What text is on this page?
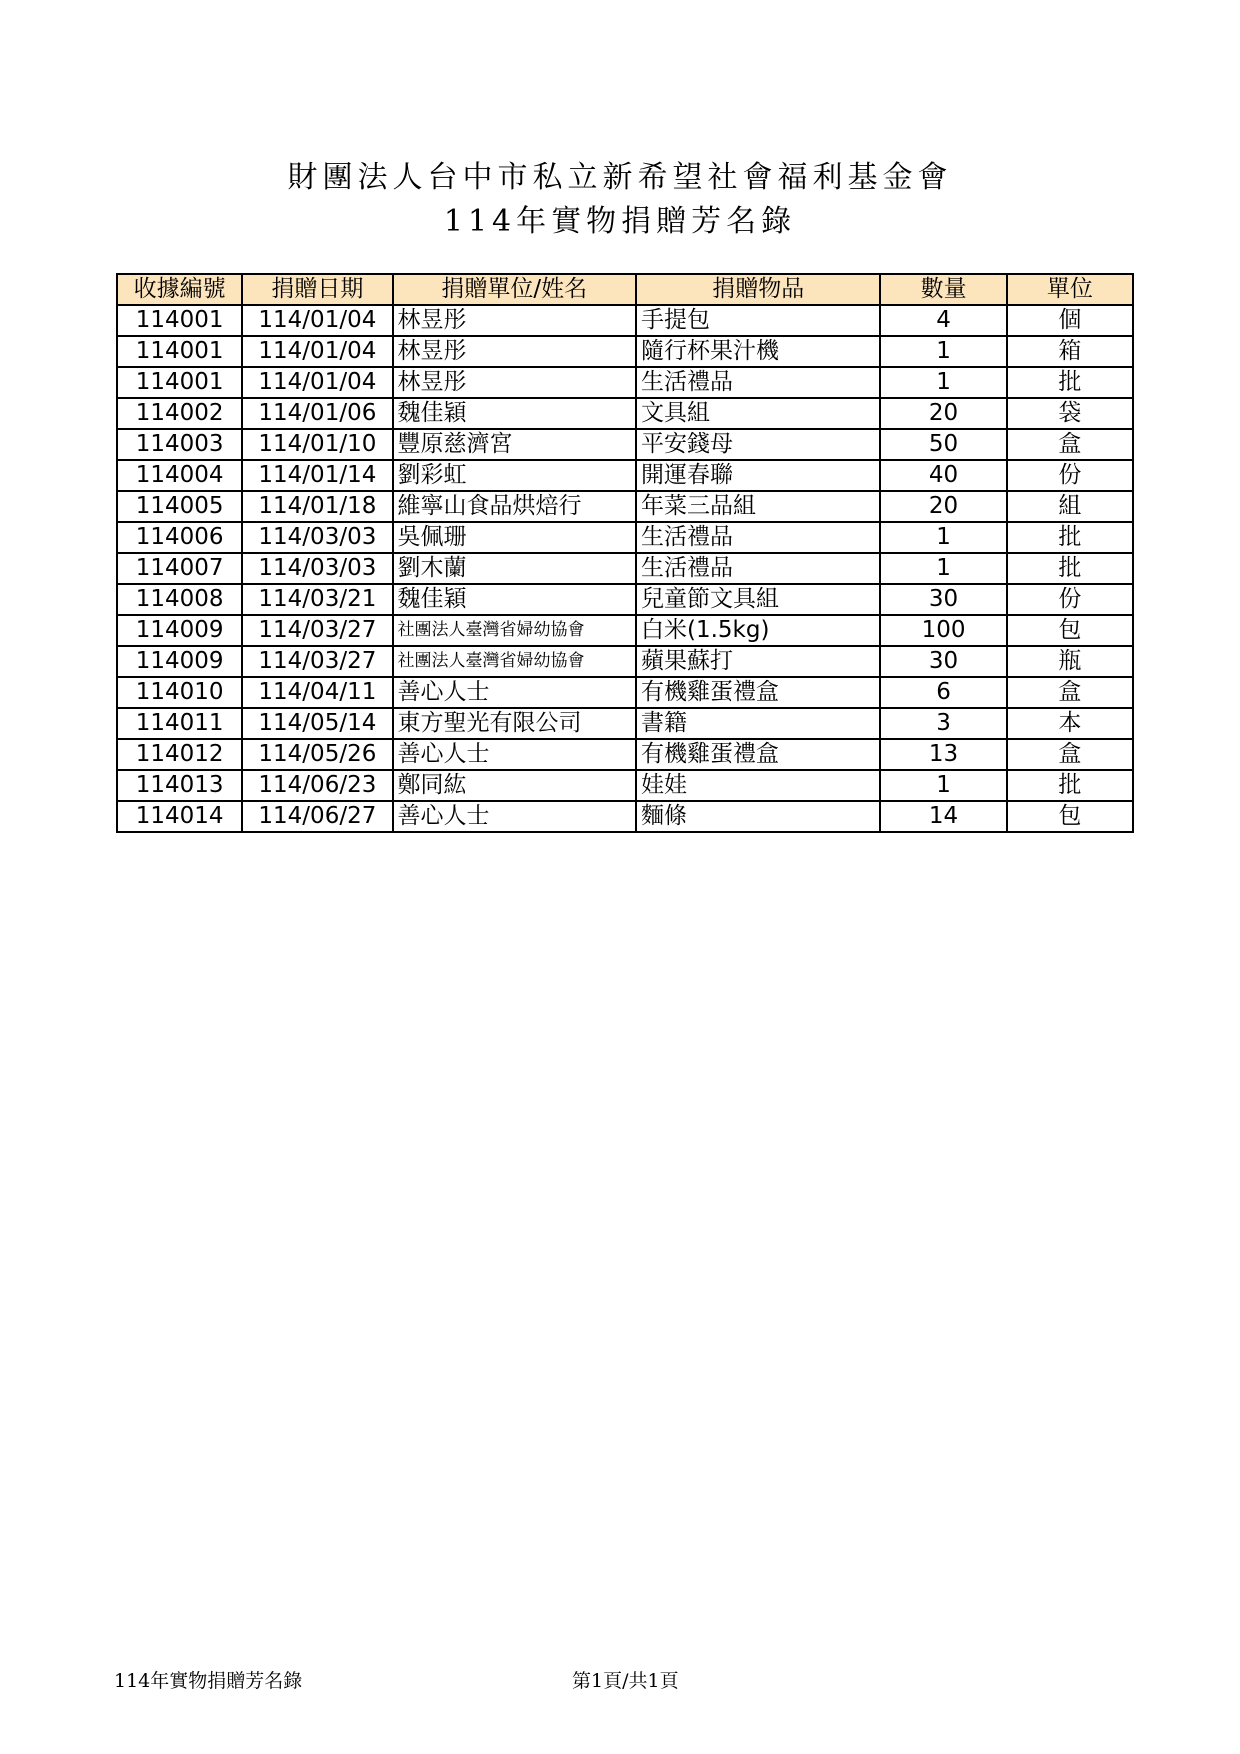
財團法人台中市私立新希望社會福利基金會
114年實物捐贈芳名錄
收據編號	捐贈日期	捐贈單位/姓名	捐贈物品	數量	單位
114001	114/01/04	林昱彤	手提包	4	個
114001	114/01/04	林昱彤	隨行杯果汁機	1	箱
114001	114/01/04	林昱彤	生活禮品	1	批
114002	114/01/06	魏佳穎	文具組	20	袋
114003	114/01/10	豐原慈濟宮	平安錢母	50	盒
114004	114/01/14	劉彩虹	開運春聯	40	份
114005	114/01/18	維寧山食品烘焙行	年菜三品組	20	組
114006	114/03/03	吳佩珊	生活禮品	1	批
114007	114/03/03	劉木蘭	生活禮品	1	批
114008	114/03/21	魏佳穎	兒童節文具組	30	份
114009	114/03/27	社團法人臺灣省婦幼協會	白米(1.5kg)	100	包
114009	114/03/27	社團法人臺灣省婦幼協會	蘋果蘇打	30	瓶
114010	114/04/11	善心人士	有機雞蛋禮盒	6	盒
114011	114/05/14	東方聖光有限公司	書籍	3	本
114012	114/05/26	善心人士	有機雞蛋禮盒	13	盒
114013	114/06/23	鄭同紘	娃娃	1	批
114014	114/06/27	善心人士	麵條	14	包
114年實物捐贈芳名錄	第1頁/共1頁
